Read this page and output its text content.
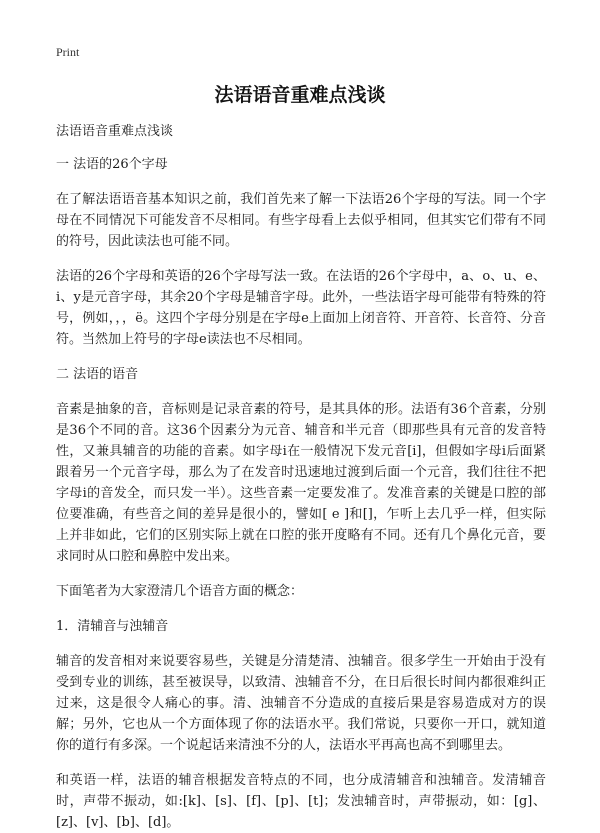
Print
法语语音重难点浅谈

法语语音重难点浅谈

一 法语的26个字母

在了解法语语音基本知识之前，我们首先来了解一下法语26个字母的写法。同一个字母在不同情况下可能发音不尽相同。有些字母看上去似乎相同，但其实它们带有不同的符号，因此读法也可能不同。

法语的26个字母和英语的26个字母写法一致。在法语的26个字母中，a、o、u、e、i、y是元音字母，其余20个字母是辅音字母。此外，一些法语字母可能带有特殊的符号，例如，，，ë。这四个字母分别是在字母e上面加上闭音符、开音符、长音符、分音符。当然加上符号的字母e读法也不尽相同。

二 法语的语音

音素是抽象的音，音标则是记录音素的符号，是其具体的形。法语有36个音素，分别是36个不同的音。这36个因素分为元音、辅音和半元音（即那些具有元音的发音特性，又兼具辅音的功能的音素。如字母i在一般情况下发元音[i]，但假如字母i后面紧跟着另一个元音字母，那么为了在发音时迅速地过渡到后面一个元音，我们往往不把字母i的音发全，而只发一半）。这些音素一定要发准了。发准音素的关键是口腔的部位要准确，有些音之间的差异是很小的，譬如[ e ]和[]，乍听上去几乎一样，但实际上并非如此，它们的区别实际上就在口腔的张开度略有不同。还有几个鼻化元音，要求同时从口腔和鼻腔中发出来。

下面笔者为大家澄清几个语音方面的概念：

1．清辅音与浊辅音

辅音的发音相对来说要容易些，关键是分清楚清、浊辅音。很多学生一开始由于没有受到专业的训练，甚至被误导，以致清、浊辅音不分，在日后很长时间内都很难纠正过来，这是很令人痛心的事。清、浊辅音不分造成的直接后果是容易造成对方的误解；另外，它也从一个方面体现了你的法语水平。我们常说，只要你一开口，就知道你的道行有多深。一个说起话来清浊不分的人，法语水平再高也高不到哪里去。

和英语一样，法语的辅音根据发音特点的不同，也分成清辅音和浊辅音。发清辅音时，声带不振动，如:[k]、[s]、[f]、[p]、[t]；发浊辅音时，声带振动，如：[g]、[z]、[v]、[b]、[d]。
